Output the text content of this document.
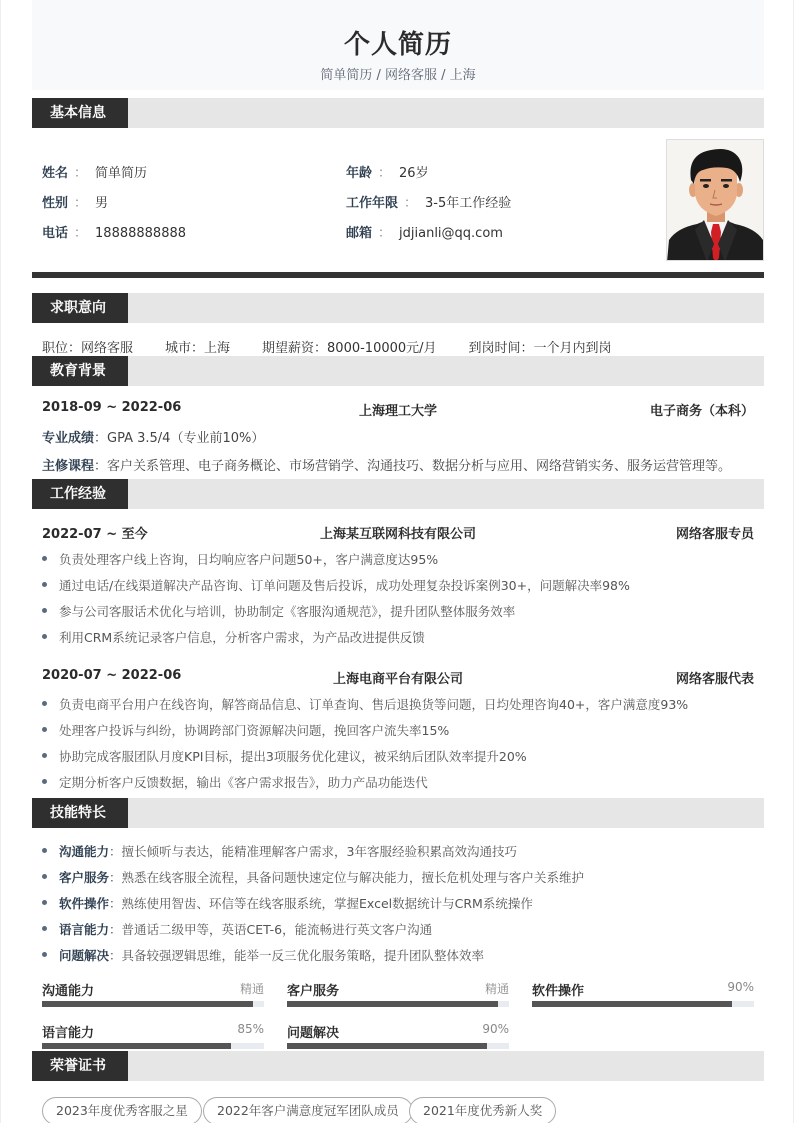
个人简历
简单简历 / 网络客服 / 上海
基本信息
姓名 ： 简单简历
性别 ： 男
电话 ： 18888888888
年龄 ： 26岁
工作年限 ： 3-5年工作经验
邮箱 ： jdjianli@qq.com
求职意向
职位：网络客服 城市：上海 期望薪资：8000-10000元/月 到岗时间：一个月内到岗
教育背景
2018-09 ~ 2022-06	上海理工大学	电子商务（本科）
专业成绩：GPA 3.5/4（专业前10%）
主修课程：客户关系管理、电子商务概论、市场营销学、沟通技巧、数据分析与应用、网络营销实务、服务运营管理等。
工作经验
2022-07 ~ 至今	上海某互联网科技有限公司	网络客服专员
负责处理客户线上咨询，日均响应客户问题50+，客户满意度达95%
通过电话/在线渠道解决产品咨询、订单问题及售后投诉，成功处理复杂投诉案例30+，问题解决率98%
参与公司客服话术优化与培训，协助制定《客服沟通规范》，提升团队整体服务效率
利用CRM系统记录客户信息，分析客户需求，为产品改进提供反馈
2020-07 ~ 2022-06	上海电商平台有限公司	网络客服代表
负责电商平台用户在线咨询，解答商品信息、订单查询、售后退换货等问题，日均处理咨询40+，客户满意度93%
处理客户投诉与纠纷，协调跨部门资源解决问题，挽回客户流失率15%
协助完成客服团队月度KPI目标，提出3项服务优化建议，被采纳后团队效率提升20%
定期分析客户反馈数据，输出《客户需求报告》，助力产品功能迭代
技能特长
沟通能力：擅长倾听与表达，能精准理解客户需求，3年客服经验积累高效沟通技巧
客户服务：熟悉在线客服全流程，具备问题快速定位与解决能力，擅长危机处理与客户关系维护
软件操作：熟练使用智齿、环信等在线客服系统，掌握Excel数据统计与CRM系统操作
语言能力：普通话二级甲等，英语CET-6，能流畅进行英文客户沟通
问题解决：具备较强逻辑思维，能举一反三优化服务策略，提升团队整体效率
沟通能力	精通 客户服务	精通 软件操作	90%
语言能力	85% 问题解决	90%
荣誉证书
2023年度优秀客服之星	2022年客户满意度冠军团队成员	2021年度优秀新人奖
